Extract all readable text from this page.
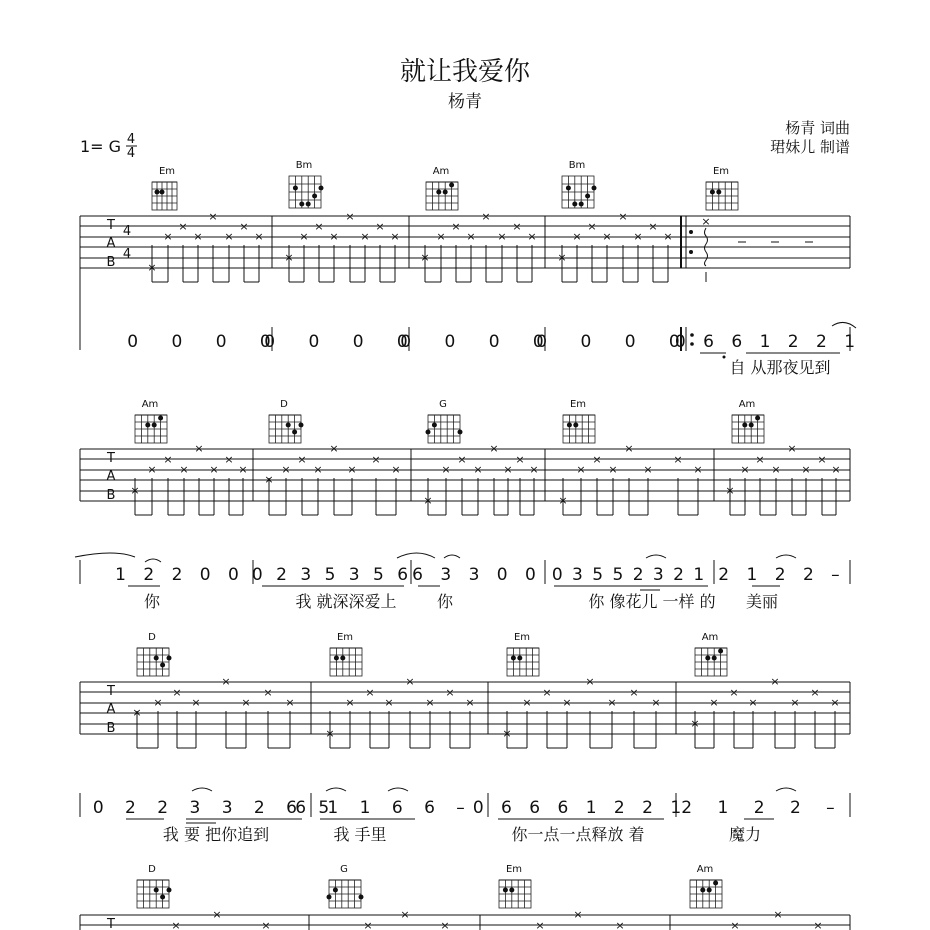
就让我爱你
杨青
1= G 4
4
杨青 词曲
珺妹儿 制谱
Em
Bm
Am
Bm
Em
T
A
B
4
4
×
×
×
×
×
×
×
×
×
×
×
×
×
×
×
×
×
×
×
×
×
×
×
×
×
×
×
×
×
×
×
×
×
0 0 0 0
0 0 0 0
0 0 0 0
0 0 0 0
0 6 6 1 2 2 1
自 从那夜见到
Am	D	G	Em	Am
T
A
B ×
×
×
×
×
×
×
×
×
×
×
×
×
×
×
×
×
×
×
×
×
×
×
×
×
×
×
×
×
×
×
×
×
×
×
×
×
×
×
×
1 2 2 0 0 0 2 3 5 3 5 6 6 3 3 0 0 0 3 5 5 2 3 2 1 2 1 2 2 –
你	我 就深深爱上	你	你 像花儿 一样 的 美丽
D	Em	Em	Am
T
A
B
×
×
×
×
×
×
×
×
×
×
×
×
×
×
×
×
×
×
×
×
×
×
×
×
×
×
×
×
×
×
×
×
0 2 2 3 3 2 6 5
6 1 1 6 6 – 0 6 6 6 1 2 2 1
2 1 2 2 –
我 要 把你追到	我 手里	你一点一点释放 着	魔力
D	G	Em	Am
T	×
×
×	×
×
×	×
×
×	×
×
×
